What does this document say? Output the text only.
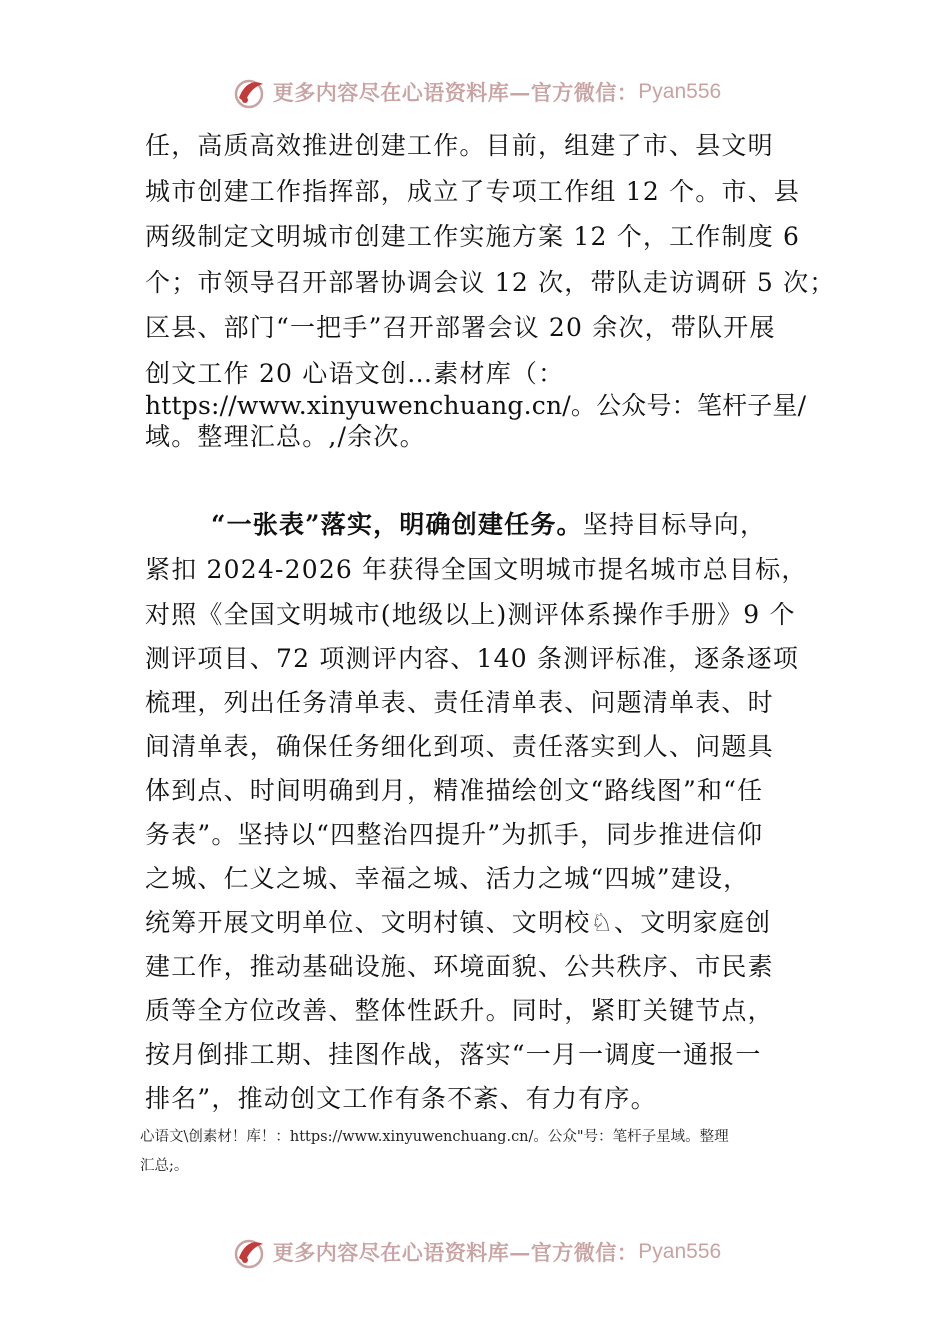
更多内容尽在心语资料库—官方微信： Pyan556
任，高质高效推进创建工作。目前，组建了市、县文明
城市创建工作指挥部，成立了专项工作组 12 个。市、县
两级制定文明城市创建工作实施方案 12 个，工作制度 6
个；市领导召开部署协调会议 12 次，带队走访调研 5 次；
区县、部门“一把手”召开部署会议 20 余次，带队开展
创文工作 20 心语文创…素材库（：
https://www.xinyuwenchuang.cn/。公众号：笔杆子星/
域。整理汇总。,/余次。
“一张表”落实，明确创建任务。坚持目标导向，
紧扣 2024-2026 年获得全国文明城市提名城市总目标，
对照《全国文明城市(地级以上)测评体系操作手册》9 个
测评项目、72 项测评内容、140 条测评标准，逐条逐项
梳理，列出任务清单表、责任清单表、问题清单表、时
间清单表，确保任务细化到项、责任落实到人、问题具
体到点、时间明确到月，精准描绘创文“路线图”和“任
务表”。坚持以“四整治四提升”为抓手，同步推进信仰
之城、仁义之城、幸福之城、活力之城“四城”建设，
统筹开展文明单位、文明村镇、文明校♘、文明家庭创
建工作，推动基础设施、环境面貌、公共秩序、市民素
质等全方位改善、整体性跃升。同时，紧盯关键节点，
按月倒排工期、挂图作战，落实“一月一调度一通报一
排名”，推动创文工作有条不紊、有力有序。
心语文\创素材！库！：https://www.xinyuwenchuang.cn/。公众"号：笔杆子星域。整理
汇总;。
更多内容尽在心语资料库—官方微信： Pyan556
